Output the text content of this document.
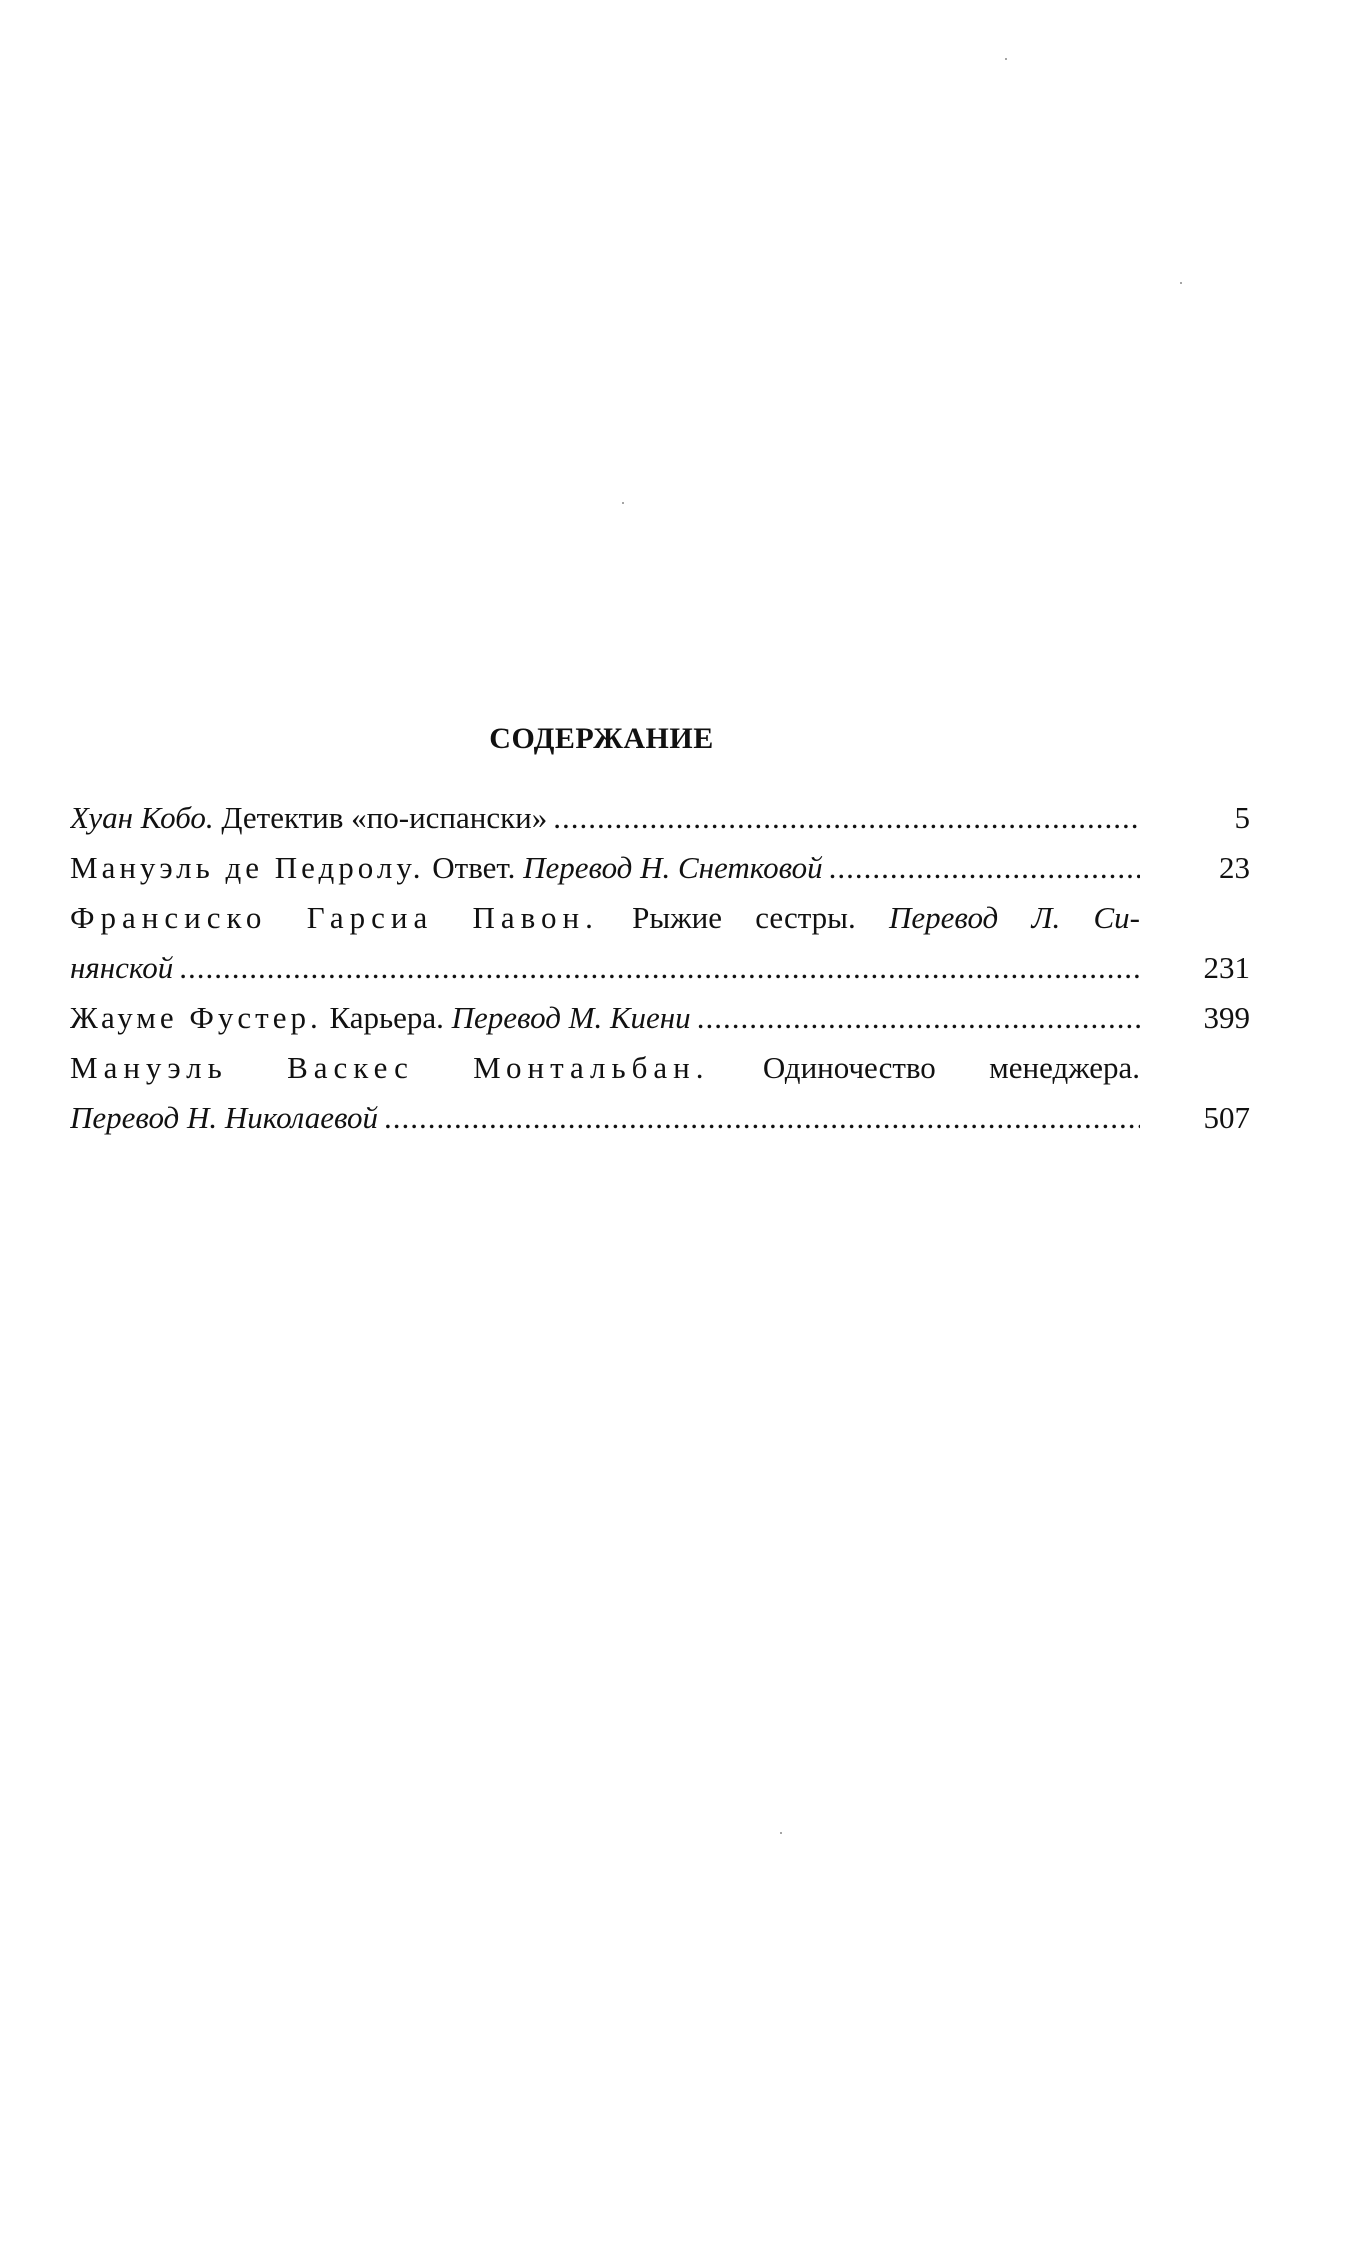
СОДЕРЖАНИЕ
Хуан Кобо.
Детектив «по-испански» .....	5
Мануэль де Педролу.
Ответ.
Перевод Н. Снетковой .....	23
Франсиско Гарсиа Павон. Рыжие сестры. Перевод Л. Си-
нянской .....	231
Жауме Фустер.
Карьера.
Перевод М. Киени .....	399
Мануэль Васкес Монтальбан. Одиночество менеджера.
Перевод Н. Николаевой .....	507
